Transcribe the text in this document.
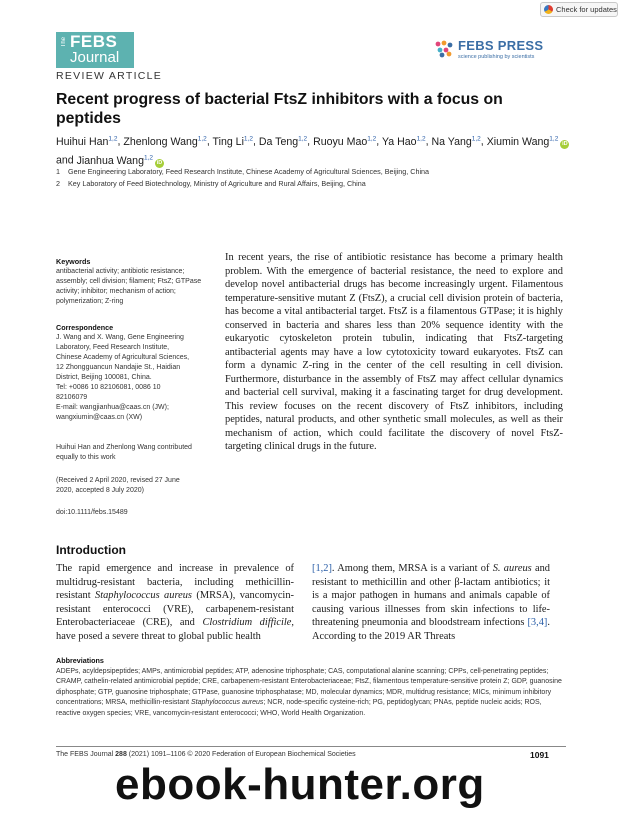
Check for updates
The FEBS
Journal
FEBS PRESS
science publishing by scientists
REVIEW ARTICLE
Recent progress of bacterial FtsZ inhibitors with a focus on peptides
Huihui Han$^{1,2}$, Zhenlong Wang$^{1,2}$, Ting Li$^{1,2}$, Da Teng$^{1,2}$, Ruoyu Mao$^{1,2}$, Ya Hao$^{1,2}$, Na Yang$^{1,2}$, Xiumin Wang$^{1,2}$iD and Jianhua Wang$^{1,2}$iD
1 Gene Engineering Laboratory, Feed Research Institute, Chinese Academy of Agricultural Sciences, Beijing, China
2 Key Laboratory of Feed Biotechnology, Ministry of Agriculture and Rural Affairs, Beijing, China
Keywords
antibacterial activity; antibiotic resistance; assembly; cell division; filament; FtsZ; GTPase activity; inhibitor; mechanism of action; polymerization; Z-ring
Correspondence
J. Wang and X. Wang, Gene Engineering
Laboratory, Feed Research Institute,
Chinese Academy of Agricultural Sciences,
12 Zhongguancun Nandajie St., Haidian
District, Beijing 100081, China.
Tel: +0086 10 82106081, 0086 10
82106079
E-mail: wangjianhua@caas.cn (JW);
wangxiumin@caas.cn (XW)
Huihui Han and Zhenlong Wang contributed
equally to this work
(Received 2 April 2020, revised 27 June
2020, accepted 8 July 2020)
doi:10.1111/febs.15489
In recent years, the rise of antibiotic resistance has become a primary health problem. With the emergence of bacterial resistance, the need to explore and develop novel antibacterial drugs has become increasingly urgent. Filamentous temperature-sensitive mutant Z (FtsZ), a crucial cell division protein of bacteria, has become a vital antibacterial target. FtsZ is a filamentous GTPase; it is highly conserved in bacteria and shares less than 20% sequence identity with the eukaryotic cytoskeleton protein tubulin, indicating that FtsZ-targeting antibacterial agents may have a low cytotoxicity toward eukaryotes. FtsZ can form a dynamic Z-ring in the center of the cell resulting in cell division. Furthermore, disturbance in the assembly of FtsZ may affect cellular dynamics and bacterial cell survival, making it a fascinating target for drug development. This review focuses on the recent discovery of FtsZ inhibitors, including peptides, natural products, and other synthetic small molecules, as well as their mechanism of action, which could facilitate the discovery of novel FtsZ-targeting clinical drugs in the future.
Introduction
The rapid emergence and increase in prevalence of multidrug-resistant bacteria, including methicillin-resistant Staphylococcus aureus (MRSA), vancomycin-resistant enterococci (VRE), carbapenem-resistant Enterobacteriaceae (CRE), and Clostridium difficile, have posed a severe threat to global public health
[1,2]. Among them, MRSA is a variant of S. aureus and resistant to methicillin and other β-lactam antibiotics; it is a major pathogen in humans and animals capable of causing various illnesses from skin infections to life-threatening pneumonia and bloodstream infections [3,4]. According to the 2019 AR Threats
Abbreviations
ADEPs, acyldepsipeptides; AMPs, antimicrobial peptides; ATP, adenosine triphosphate; CAS, computational alanine scanning; CPPs, cell-penetrating peptides; CRAMP, cathelin-related antimicrobial peptide; CRE, carbapenem-resistant Enterobacteriaceae; FtsZ, filamentous temperature-sensitive protein Z; GDP, guanosine diphosphate; GTP, guanosine triphosphate; GTPase, guanosine triphosphatase; MD, molecular dynamics; MDR, multidrug resistance; MICs, minimum inhibitory concentrations; MRSA, methicillin-resistant Staphylococcus aureus; NCR, node-specific cysteine-rich; PG, peptidoglycan; PNAs, peptide nucleic acids; ROS, reactive oxygen species; VRE, vancomycin-resistant enterococci; WHO, World Health Organization.
The FEBS Journal 288 (2021) 1091–1106 © 2020 Federation of European Biochemical Societies	1091
ebook-hunter.org
